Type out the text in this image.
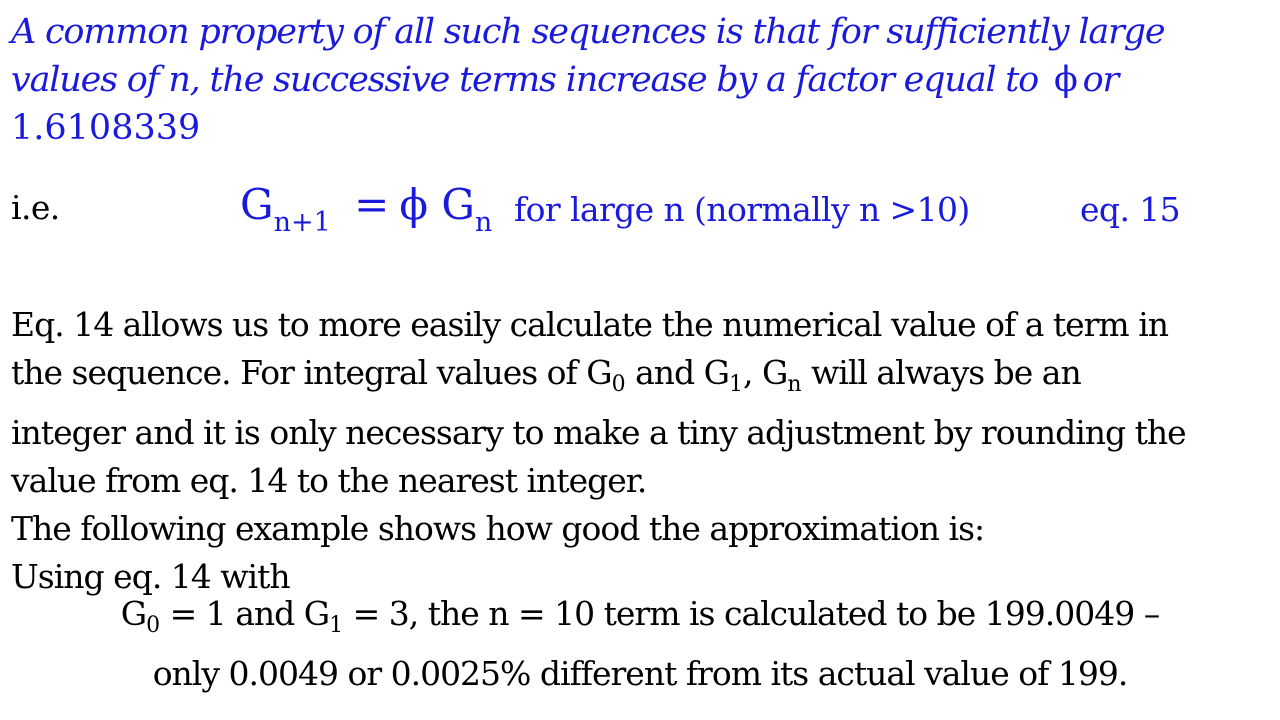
A common property of all such sequences is that for sufficiently large values of n, the successive terms increase by a factor equal to ϕ or
1.6108339
i.e.	$G_{n+1} = \phi$ $G_n$ for large n (normally n >10)	eq. 15
Eq. 14 allows us to more easily calculate the numerical value of a term in
the sequence. For integral values of $G_0$ and $G_1$, $G_n$ will always be an
integer and it is only necessary to make a tiny adjustment by rounding the
value from eq. 14 to the nearest integer.
The following example shows how good the approximation is:
Using eq. 14 with
$G_0 = 1$ and $G_1 = 3$, the n = 10 term is calculated to be 199.0049 –
only 0.0049 or 0.0025% different from its actual value of 199.
